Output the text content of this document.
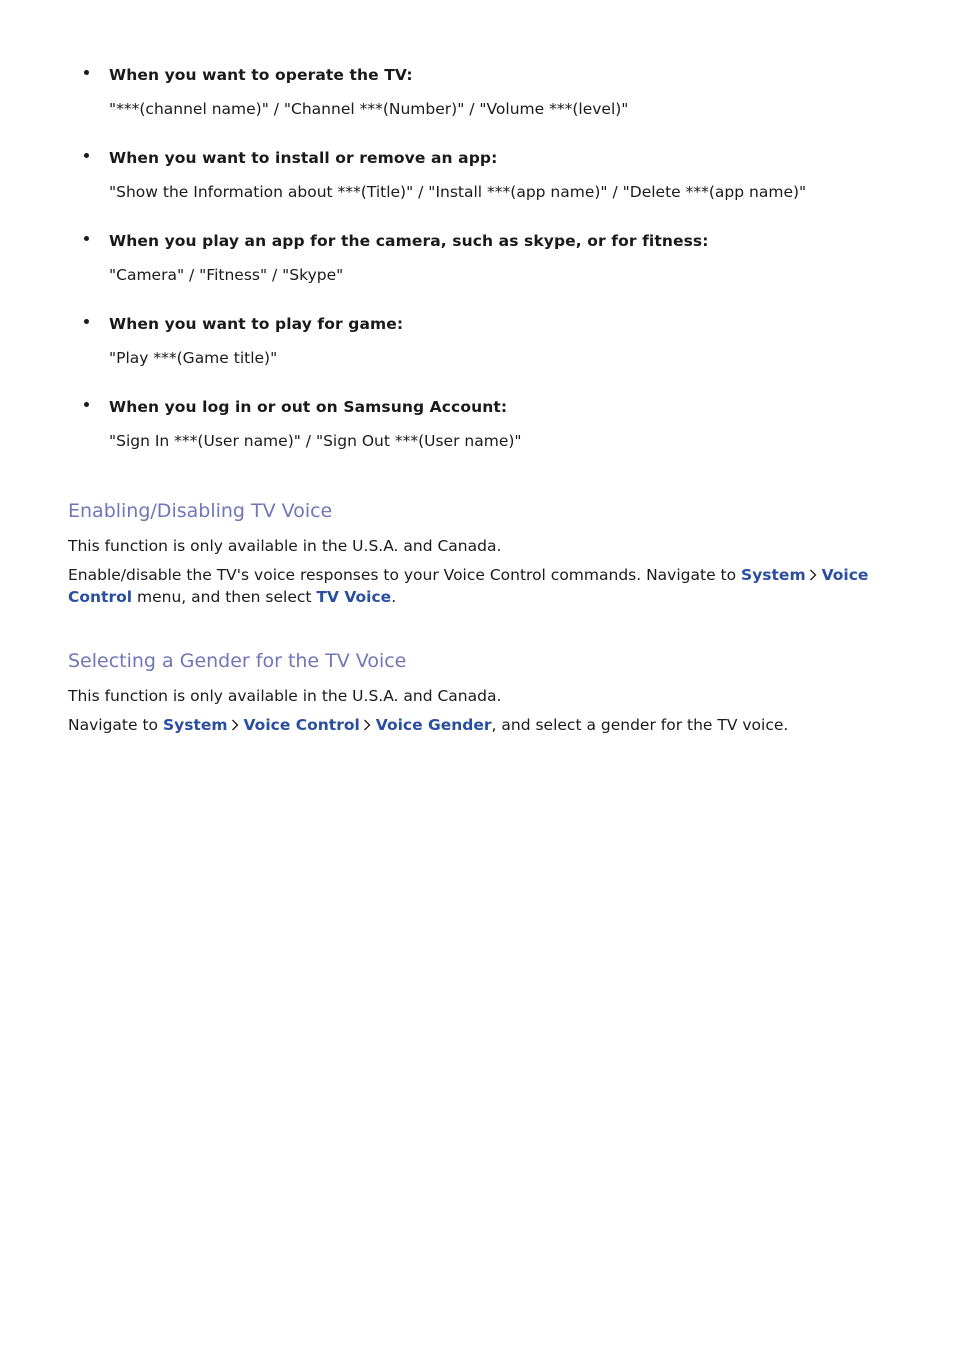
When you want to operate the TV:
"***(channel name)" / "Channel ***(Number)" / "Volume ***(level)"
When you want to install or remove an app:
"Show the Information about ***(Title)" / "Install ***(app name)" / "Delete ***(app name)"
When you play an app for the camera, such as skype, or for fitness:
"Camera" / "Fitness" / "Skype"
When you want to play for game:
"Play ***(Game title)"
When you log in or out on Samsung Account:
"Sign In ***(User name)" / "Sign Out ***(User name)"
Enabling/Disabling TV Voice

This function is only available in the U.S.A. and Canada.

Enable/disable the TV's voice responses to your Voice Control commands. Navigate to System Voice Control menu, and then select TV Voice.

Selecting a Gender for the TV Voice

This function is only available in the U.S.A. and Canada.

Navigate to System Voice Control Voice Gender, and select a gender for the TV voice.
